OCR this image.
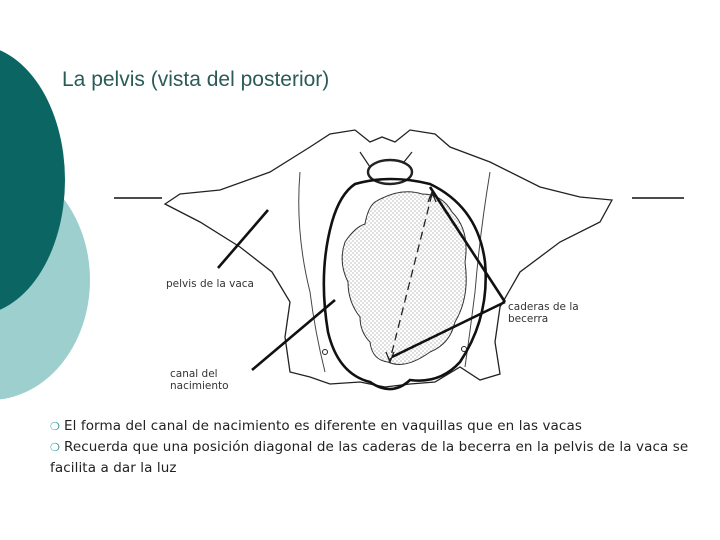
La pelvis (vista del posterior)
pelvis de la vaca
canal del
nacimiento
caderas de la
becerra

❍ El forma del canal de nacimiento es diferente en vaquillas que en las vacas

❍ Recuerda que una posición diagonal de las caderas de la becerra en la pelvis de la vaca se facilita a dar la luz
